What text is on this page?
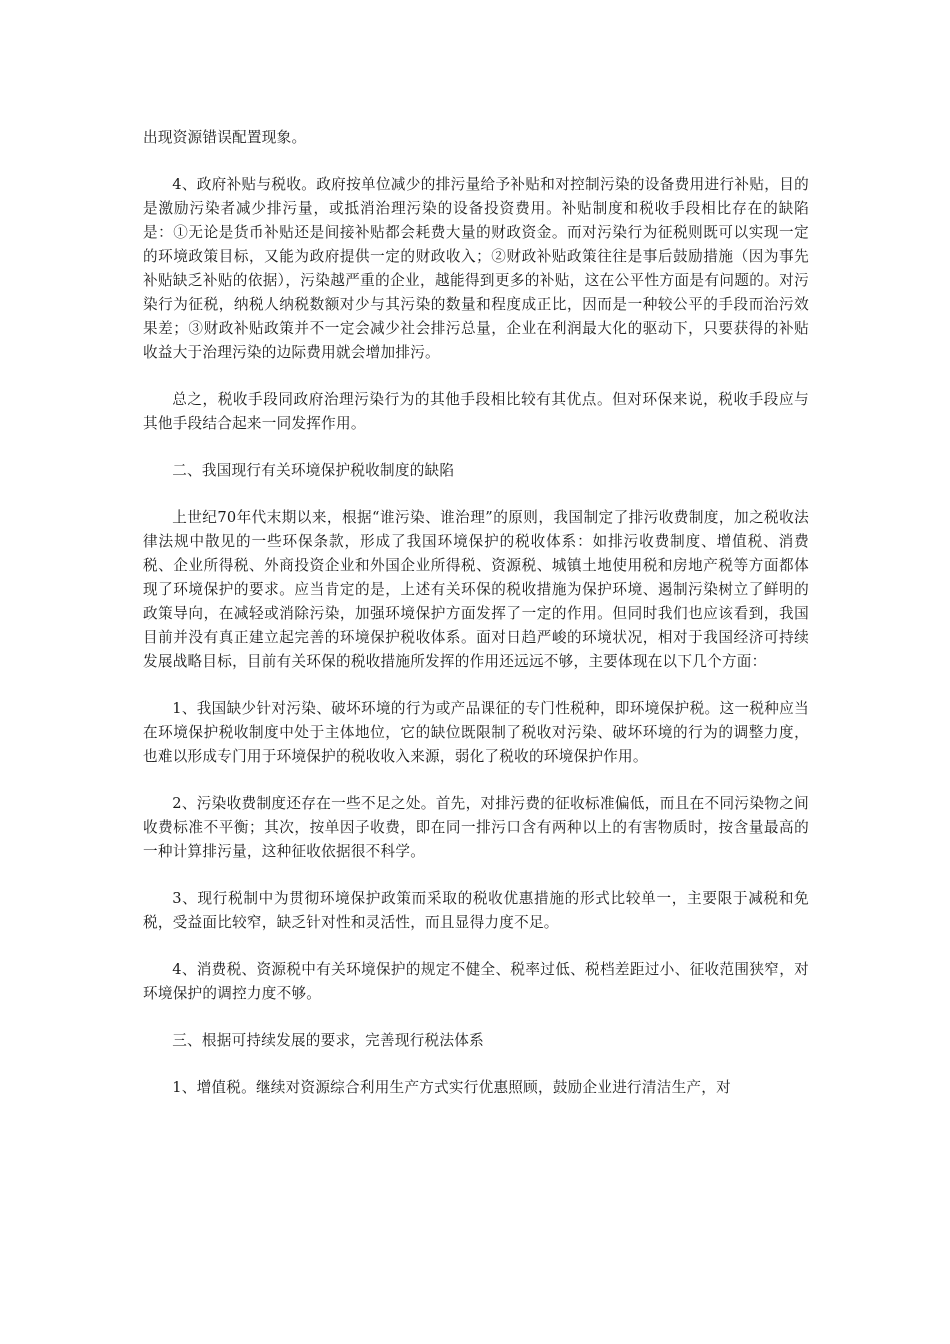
出现资源错误配置现象。

4、政府补贴与税收。政府按单位减少的排污量给予补贴和对控制污染的设备费用进行补贴，目的是激励污染者减少排污量，或抵消治理污染的设备投资费用。补贴制度和税收手段相比存在的缺陷是：①无论是货币补贴还是间接补贴都会耗费大量的财政资金。而对污染行为征税则既可以实现一定的环境政策目标，又能为政府提供一定的财政收入；②财政补贴政策往往是事后鼓励措施（因为事先补贴缺乏补贴的依据），污染越严重的企业，越能得到更多的补贴，这在公平性方面是有问题的。对污染行为征税，纳税人纳税数额对少与其污染的数量和程度成正比，因而是一种较公平的手段而治污效果差；③财政补贴政策并不一定会减少社会排污总量，企业在利润最大化的驱动下，只要获得的补贴收益大于治理污染的边际费用就会增加排污。

总之，税收手段同政府治理污染行为的其他手段相比较有其优点。但对环保来说，税收手段应与其他手段结合起来一同发挥作用。

二、我国现行有关环境保护税收制度的缺陷

上世纪70年代末期以来，根据“谁污染、谁治理”的原则，我国制定了排污收费制度，加之税收法律法规中散见的一些环保条款，形成了我国环境保护的税收体系：如排污收费制度、增值税、消费税、企业所得税、外商投资企业和外国企业所得税、资源税、城镇土地使用税和房地产税等方面都体现了环境保护的要求。应当肯定的是，上述有关环保的税收措施为保护环境、遏制污染树立了鲜明的政策导向，在减轻或消除污染，加强环境保护方面发挥了一定的作用。但同时我们也应该看到，我国目前并没有真正建立起完善的环境保护税收体系。面对日趋严峻的环境状况，相对于我国经济可持续发展战略目标，目前有关环保的税收措施所发挥的作用还远远不够，主要体现在以下几个方面：

1、我国缺少针对污染、破坏环境的行为或产品课征的专门性税种，即环境保护税。这一税种应当在环境保护税收制度中处于主体地位，它的缺位既限制了税收对污染、破坏环境的行为的调整力度，也难以形成专门用于环境保护的税收收入来源，弱化了税收的环境保护作用。

2、污染收费制度还存在一些不足之处。首先，对排污费的征收标准偏低，而且在不同污染物之间收费标准不平衡；其次，按单因子收费，即在同一排污口含有两种以上的有害物质时，按含量最高的一种计算排污量，这种征收依据很不科学。

3、现行税制中为贯彻环境保护政策而采取的税收优惠措施的形式比较单一，主要限于减税和免税，受益面比较窄，缺乏针对性和灵活性，而且显得力度不足。

4、消费税、资源税中有关环境保护的规定不健全、税率过低、税档差距过小、征收范围狭窄，对环境保护的调控力度不够。

三、根据可持续发展的要求，完善现行税法体系

1、增值税。继续对资源综合利用生产方式实行优惠照顾，鼓励企业进行清洁生产，对
